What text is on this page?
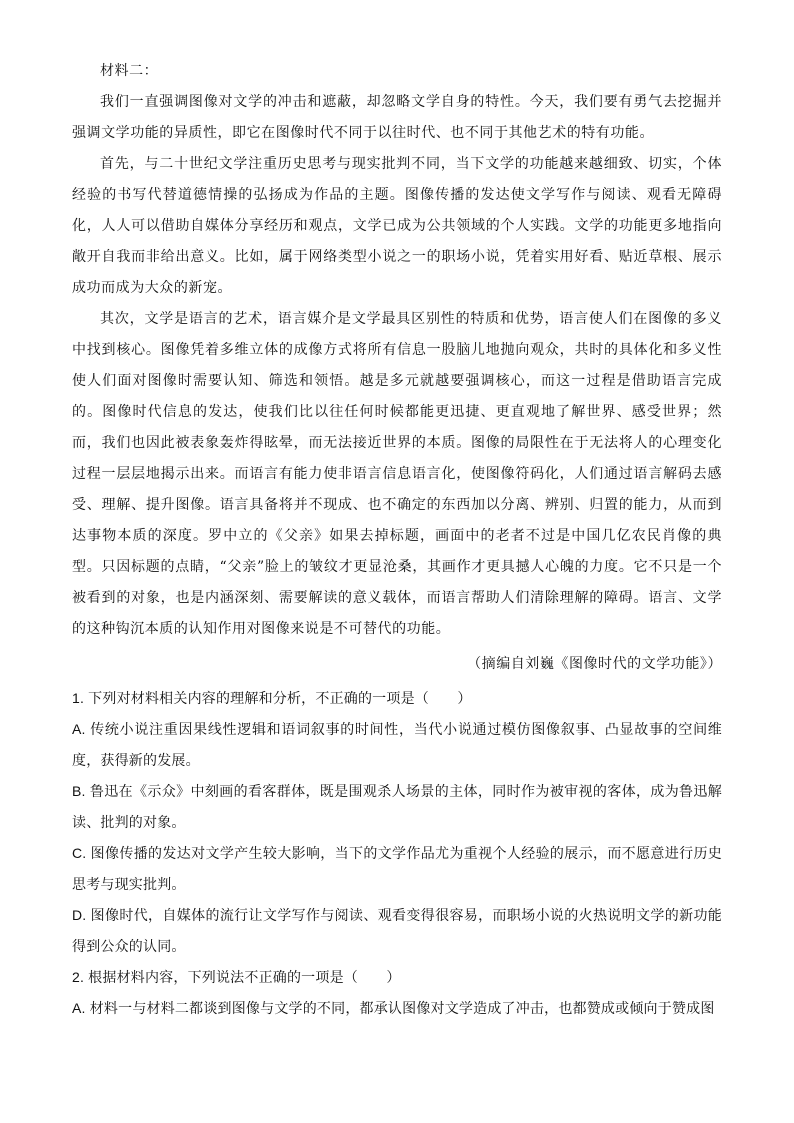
材料二：

我们一直强调图像对文学的冲击和遮蔽，却忽略文学自身的特性。今天，我们要有勇气去挖掘并强调文学功能的异质性，即它在图像时代不同于以往时代、也不同于其他艺术的特有功能。

首先，与二十世纪文学注重历史思考与现实批判不同，当下文学的功能越来越细致、切实，个体经验的书写代替道德情操的弘扬成为作品的主题。图像传播的发达使文学写作与阅读、观看无障碍化，人人可以借助自媒体分享经历和观点，文学已成为公共领域的个人实践。文学的功能更多地指向敞开自我而非给出意义。比如，属于网络类型小说之一的职场小说，凭着实用好看、贴近草根、展示成功而成为大众的新宠。

其次，文学是语言的艺术，语言媒介是文学最具区别性的特质和优势，语言使人们在图像的多义中找到核心。图像凭着多维立体的成像方式将所有信息一股脑儿地抛向观众，共时的具体化和多义性使人们面对图像时需要认知、筛选和领悟。越是多元就越要强调核心，而这一过程是借助语言完成的。图像时代信息的发达，使我们比以往任何时候都能更迅捷、更直观地了解世界、感受世界；然而，我们也因此被表象轰炸得眩晕，而无法接近世界的本质。图像的局限性在于无法将人的心理变化过程一层层地揭示出来。而语言有能力使非语言信息语言化，使图像符码化，人们通过语言解码去感受、理解、提升图像。语言具备将并不现成、也不确定的东西加以分离、辨别、归置的能力，从而到达事物本质的深度。罗中立的《父亲》如果去掉标题，画面中的老者不过是中国几亿农民肖像的典型。只因标题的点睛，“父亲”脸上的皱纹才更显沧桑，其画作才更具撼人心魄的力度。它不只是一个被看到的对象，也是内涵深刻、需要解读的意义载体，而语言帮助人们清除理解的障碍。语言、文学的这种钩沉本质的认知作用对图像来说是不可替代的功能。

（摘编自刘巍《图像时代的文学功能》）

1. 下列对材料相关内容的理解和分析，不正确的一项是（　　）

A. 传统小说注重因果线性逻辑和语词叙事的时间性，当代小说通过模仿图像叙事、凸显故事的空间维度，获得新的发展。

B. 鲁迅在《示众》中刻画的看客群体，既是围观杀人场景的主体，同时作为被审视的客体，成为鲁迅解读、批判的对象。

C. 图像传播的发达对文学产生较大影响，当下的文学作品尤为重视个人经验的展示，而不愿意进行历史思考与现实批判。

D. 图像时代，自媒体的流行让文学写作与阅读、观看变得很容易，而职场小说的火热说明文学的新功能得到公众的认同。

2. 根据材料内容，下列说法不正确的一项是（　　）

A. 材料一与材料二都谈到图像与文学的不同，都承认图像对文学造成了冲击，也都赞成或倾向于赞成图
